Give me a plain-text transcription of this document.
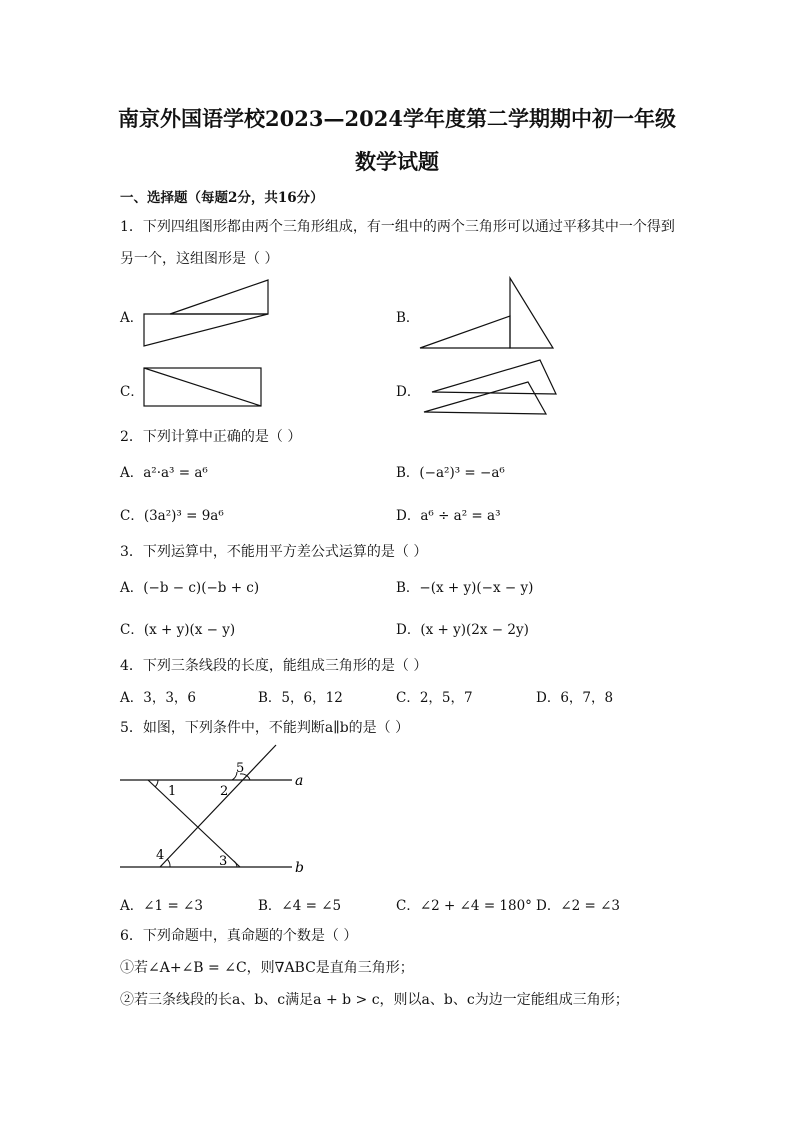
南京外国语学校2023—2024学年度第二学期期中初一年级
数学试题
一、选择题（每题2分，共16分）
1．下列四组图形都由两个三角形组成，有一组中的两个三角形可以通过平移其中一个得到
另一个，这组图形是（ ）
A．	B．
C．	D．
2．下列计算中正确的是（ ）
A．a²·a³ = a⁶	B．(−a²)³ = −a⁶
C．(3a²)³ = 9a⁶	D．a⁶ ÷ a² = a³
3．下列运算中，不能用平方差公式运算的是（ ）
A．(−b − c)(−b + c)	B．−(x + y)(−x − y)
C．(x + y)(x − y)	D．(x + y)(2x − 2y)
4．下列三条线段的长度，能组成三角形的是（ ）
A．3，3，6	B．5，6，12	C．2，5，7	D．6，7，8
5．如图，下列条件中，不能判断a∥b的是（ ）
1	2
3
4
5
a
b
A．∠1 = ∠3	B．∠4 = ∠5	C．∠2 + ∠4 = 180° D．∠2 = ∠3
6．下列命题中，真命题的个数是（ ）
①若∠A+∠B = ∠C，则∇ABC是直角三角形；
②若三条线段的长a、b、c满足a + b > c，则以a、b、c为边一定能组成三角形；
